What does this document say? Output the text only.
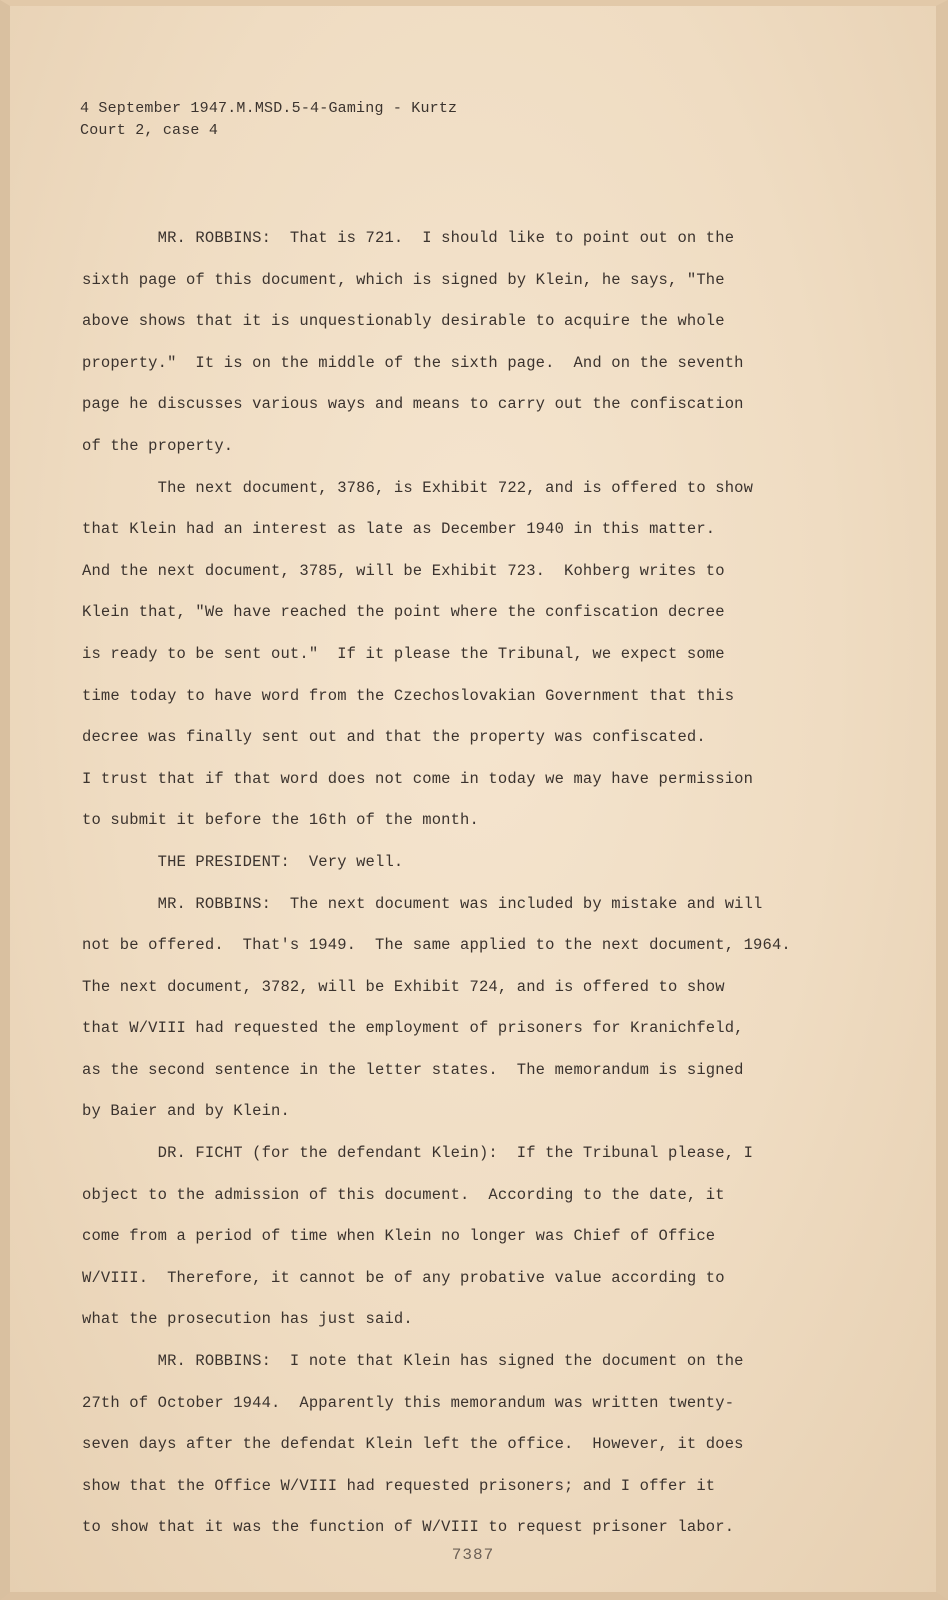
4 September 1947.M.MSD.5-4-Gaming - Kurtz
Court 2, case 4
MR. ROBBINS:  That is 721.  I should like to point out on the
sixth page of this document, which is signed by Klein, he says, "The
above shows that it is unquestionably desirable to acquire the whole
property."  It is on the middle of the sixth page.  And on the seventh
page he discusses various ways and means to carry out the confiscation
of the property.
The next document, 3786, is Exhibit 722, and is offered to show
that Klein had an interest as late as December 1940 in this matter.
And the next document, 3785, will be Exhibit 723.  Kohberg writes to
Klein that, "We have reached the point where the confiscation decree
is ready to be sent out."  If it please the Tribunal, we expect some
time today to have word from the Czechoslovakian Government that this
decree was finally sent out and that the property was confiscated.
I trust that if that word does not come in today we may have permission
to submit it before the 16th of the month.
THE PRESIDENT:  Very well.
MR. ROBBINS:  The next document was included by mistake and will
not be offered.  That's 1949.  The same applied to the next document, 1964.
The next document, 3782, will be Exhibit 724, and is offered to show
that W/VIII had requested the employment of prisoners for Kranichfeld,
as the second sentence in the letter states.  The memorandum is signed
by Baier and by Klein.
DR. FICHT (for the defendant Klein):  If the Tribunal please, I
object to the admission of this document.  According to the date, it
come from a period of time when Klein no longer was Chief of Office
W/VIII.  Therefore, it cannot be of any probative value according to
what the prosecution has just said.
MR. ROBBINS:  I note that Klein has signed the document on the
27th of October 1944.  Apparently this memorandum was written twenty-
seven days after the defendat Klein left the office.  However, it does
show that the Office W/VIII had requested prisoners; and I offer it
to show that it was the function of W/VIII to request prisoner labor.
7387
